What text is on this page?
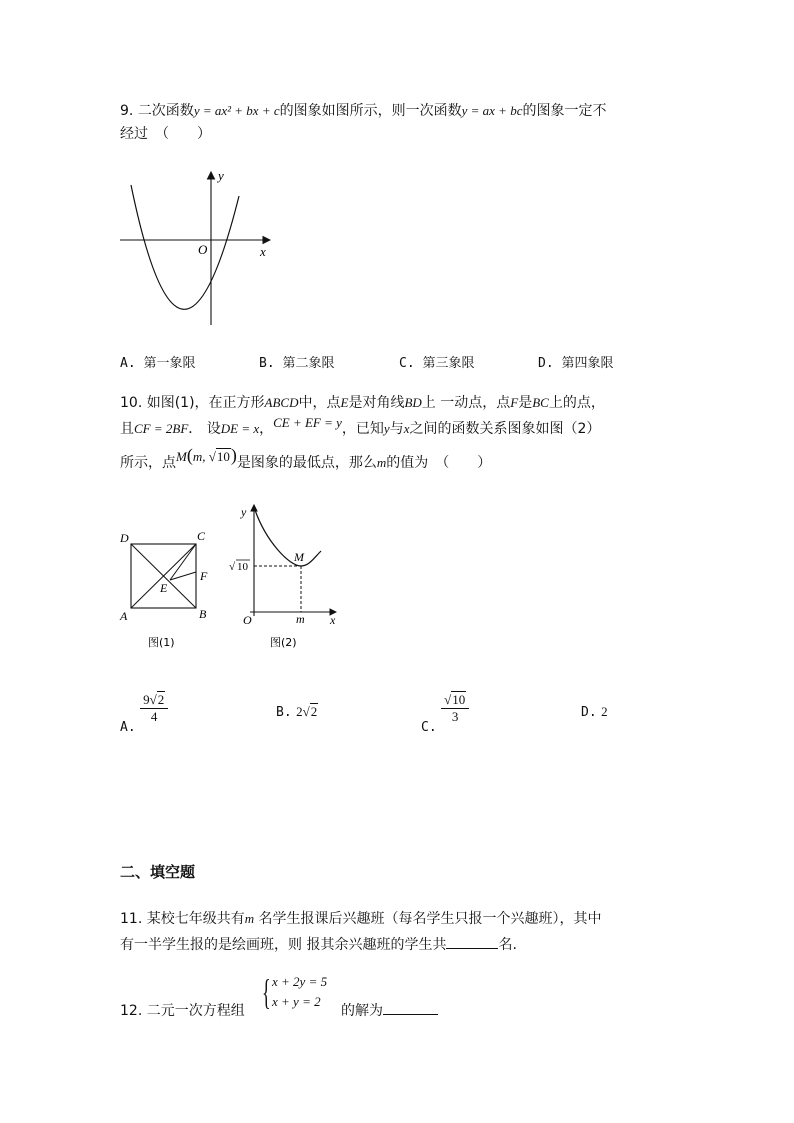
9. 二次函数y = ax² + bx + c的图象如图所示，则一次函数y = ax + bc的图象一定不
经过　（　　）
y
x
O
A. 第一象限	B. 第二象限	C. 第三象限	D. 第四象限
10. 如图(1)，在正方形ABCD中，点E是对角线BD上 一动点，点F是BC上的点，
且CF = 2BF． 设DE = x，CE + EF = y，已知y与x之间的函数关系图象如图（2）
所示，点M(m, √10)是图象的最低点，那么m的值为　（　　）
D	C
A	B
E
F
图(1)
y
x
O
M
m
√ 10
图(2)
A.
$\frac{9√2}{4}$	B. 2√2
C.
$\frac{√10}{3}$	D. 2
二、填空题
11. 某校七年级共有m 名学生报课后兴趣班（每名学生只报一个兴趣班），其中
有一半学生报的是绘画班，则 报其余兴趣班的学生共	名.
12. 二元一次方程组 { x + 2y = 5
x + y = 2
的解为
